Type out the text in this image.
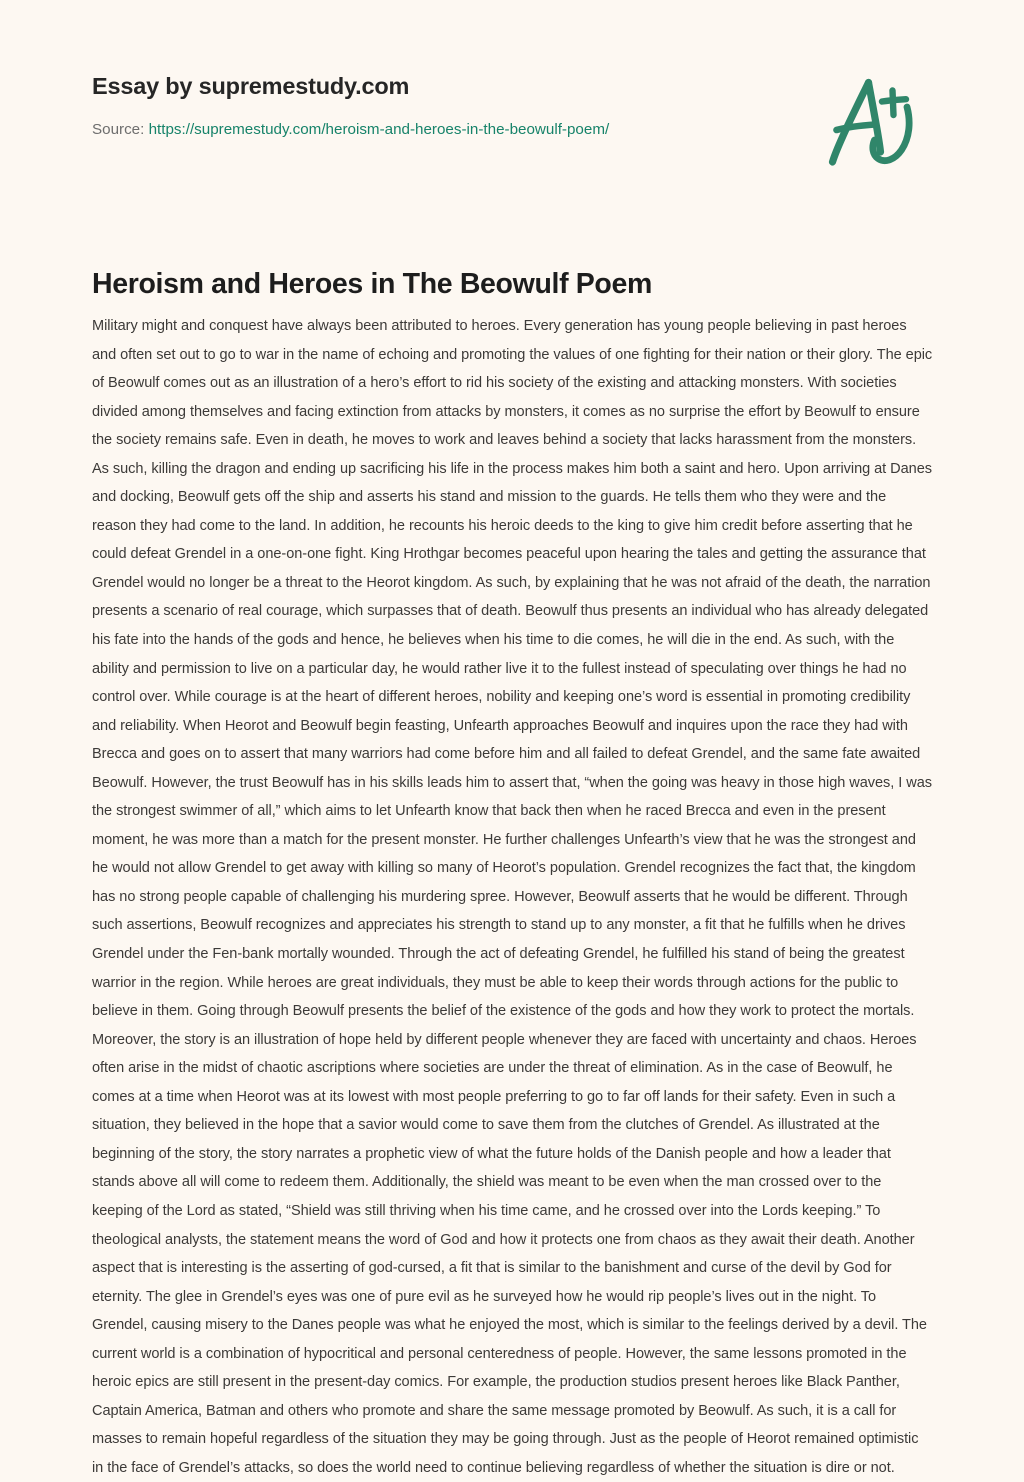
Essay by supremestudy.com
Source: https://supremestudy.com/heroism-and-heroes-in-the-beowulf-poem/
Heroism and Heroes in The Beowulf Poem

Military might and conquest have always been attributed to heroes. Every generation has young people believing in past heroes and often set out to go to war in the name of echoing and promoting the values of one fighting for their nation or their glory. The epic of Beowulf comes out as an illustration of a hero’s effort to rid his society of the existing and attacking monsters. With societies divided among themselves and facing extinction from attacks by monsters, it comes as no surprise the effort by Beowulf to ensure the society remains safe. Even in death, he moves to work and leaves behind a society that lacks harassment from the monsters. As such, killing the dragon and ending up sacrificing his life in the process makes him both a saint and hero. Upon arriving at Danes and docking, Beowulf gets off the ship and asserts his stand and mission to the guards. He tells them who they were and the reason they had come to the land. In addition, he recounts his heroic deeds to the king to give him credit before asserting that he could defeat Grendel in a one-on-one fight. King Hrothgar becomes peaceful upon hearing the tales and getting the assurance that Grendel would no longer be a threat to the Heorot kingdom. As such, by explaining that he was not afraid of the death, the narration presents a scenario of real courage, which surpasses that of death. Beowulf thus presents an individual who has already delegated his fate into the hands of the gods and hence, he believes when his time to die comes, he will die in the end. As such, with the ability and permission to live on a particular day, he would rather live it to the fullest instead of speculating over things he had no control over. While courage is at the heart of different heroes, nobility and keeping one’s word is essential in promoting credibility and reliability. When Heorot and Beowulf begin feasting, Unfearth approaches Beowulf and inquires upon the race they had with Brecca and goes on to assert that many warriors had come before him and all failed to defeat Grendel, and the same fate awaited Beowulf. However, the trust Beowulf has in his skills leads him to assert that, “when the going was heavy in those high waves, I was the strongest swimmer of all,” which aims to let Unfearth know that back then when he raced Brecca and even in the present moment, he was more than a match for the present monster. He further challenges Unfearth’s view that he was the strongest and he would not allow Grendel to get away with killing so many of Heorot’s population. Grendel recognizes the fact that, the kingdom has no strong people capable of challenging his murdering spree. However, Beowulf asserts that he would be different. Through such assertions, Beowulf recognizes and appreciates his strength to stand up to any monster, a fit that he fulfills when he drives Grendel under the Fen-bank mortally wounded. Through the act of defeating Grendel, he fulfilled his stand of being the greatest warrior in the region. While heroes are great individuals, they must be able to keep their words through actions for the public to believe in them. Going through Beowulf presents the belief of the existence of the gods and how they work to protect the mortals. Moreover, the story is an illustration of hope held by different people whenever they are faced with uncertainty and chaos. Heroes often arise in the midst of chaotic ascriptions where societies are under the threat of elimination. As in the case of Beowulf, he comes at a time when Heorot was at its lowest with most people preferring to go to far off lands for their safety. Even in such a situation, they believed in the hope that a savior would come to save them from the clutches of Grendel. As illustrated at the beginning of the story, the story narrates a prophetic view of what the future holds of the Danish people and how a leader that stands above all will come to redeem them. Additionally, the shield was meant to be even when the man crossed over to the keeping of the Lord as stated, “Shield was still thriving when his time came, and he crossed over into the Lords keeping.” To theological analysts, the statement means the word of God and how it protects one from chaos as they await their death. Another aspect that is interesting is the asserting of god-cursed, a fit that is similar to the banishment and curse of the devil by God for eternity. The glee in Grendel’s eyes was one of pure evil as he surveyed how he would rip people’s lives out in the night. To Grendel, causing misery to the Danes people was what he enjoyed the most, which is similar to the feelings derived by a devil. The current world is a combination of hypocritical and personal centeredness of people. However, the same lessons promoted in the heroic epics are still present in the present-day comics. For example, the production studios present heroes like Black Panther, Captain America, Batman and others who promote and share the same message promoted by Beowulf. As such, it is a call for masses to remain hopeful regardless of the situation they may be going through. Just as the people of Heorot remained optimistic in the face of Grendel’s attacks, so does the world need to continue believing regardless of whether the situation is dire or not.
